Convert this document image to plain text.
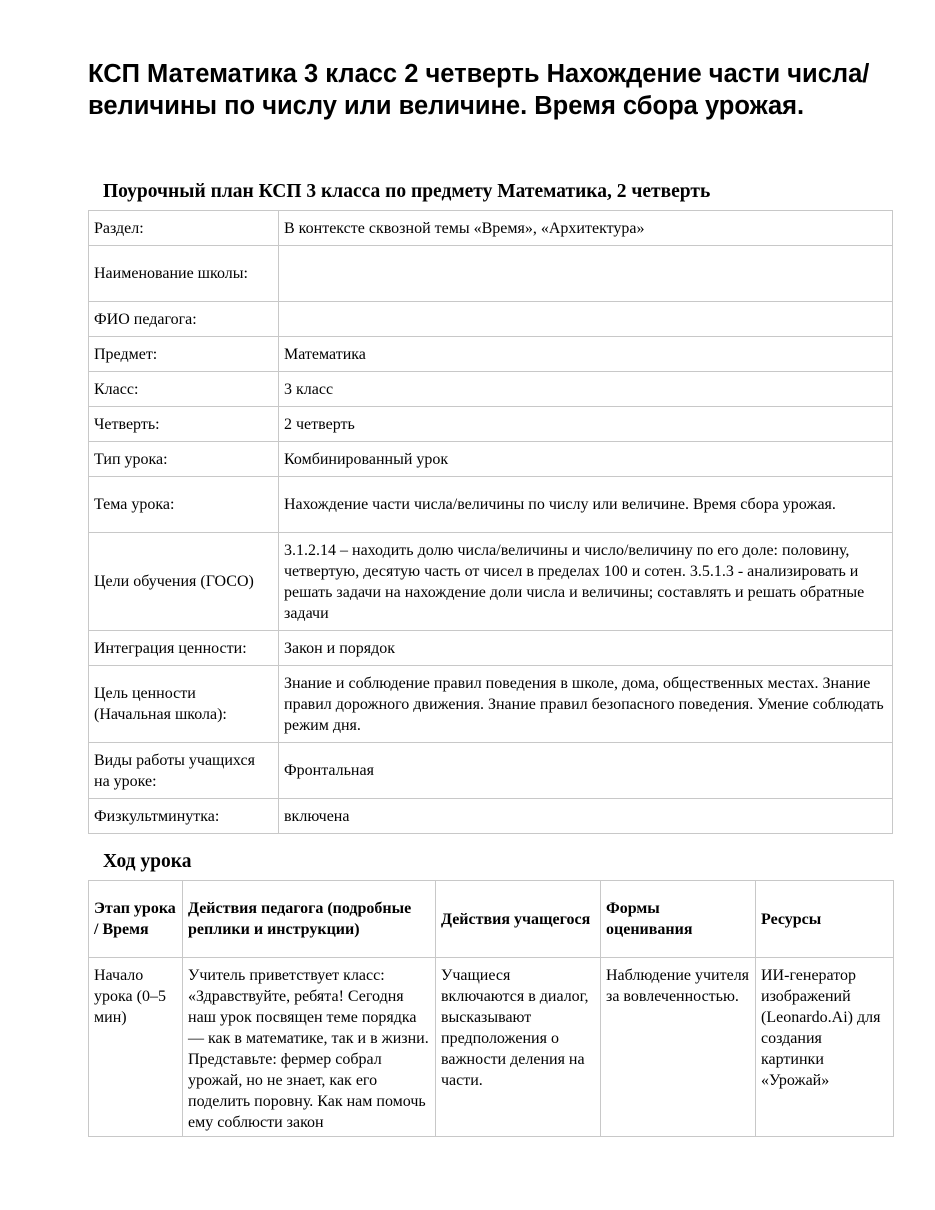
КСП Математика 3 класс 2 четверть Нахождение части числа/ величины по числу или величине. Время сбора урожая.
Поурочный план КСП 3 класса по предмету Математика, 2 четверть
Раздел:	В контексте сквозной темы «Время», «Архитектура»
Наименование школы:	
ФИО педагога:	
Предмет:	Математика
Класс:	3 класс
Четверть:	2 четверть
Тип урока:	Комбинированный урок
Тема урока:	Нахождение части числа/величины по числу или величине. Время сбора урожая.
Цели обучения (ГОСО)	3.1.2.14 – находить долю числа/величины и число/величину по его доле: половину, четвертую, десятую часть от чисел в пределах 100 и сотен. 3.5.1.3 - анализировать и решать задачи на нахождение доли числа и величины; составлять и решать обратные задачи
Интеграция ценности:	Закон и порядок
Цель ценности (Начальная школа):	Знание и соблюдение правил поведения в школе, дома, общественных местах. Знание правил дорожного движения. Знание правил безопасного поведения. Умение соблюдать режим дня.
Виды работы учащихся на уроке:	Фронтальная
Физкультминутка:	включена
Ход урока
Этап урока / Время	Действия педагога (подробные реплики и инструкции)	Действия учащегося	Формы оценивания	Ресурсы
Начало урока (0–5 мин)	Учитель приветствует класс: «Здравствуйте, ребята! Сегодня наш урок посвящен теме порядка — как в математике, так и в жизни. Представьте: фермер собрал урожай, но не знает, как его поделить поровну. Как нам помочь ему соблюсти закон	Учащиеся включаются в диалог, высказывают предположения о важности деления на части.	Наблюдение учителя за вовлеченностью.	ИИ-генератор изображений (Leonardo.Ai) для создания картинки «Урожай»
